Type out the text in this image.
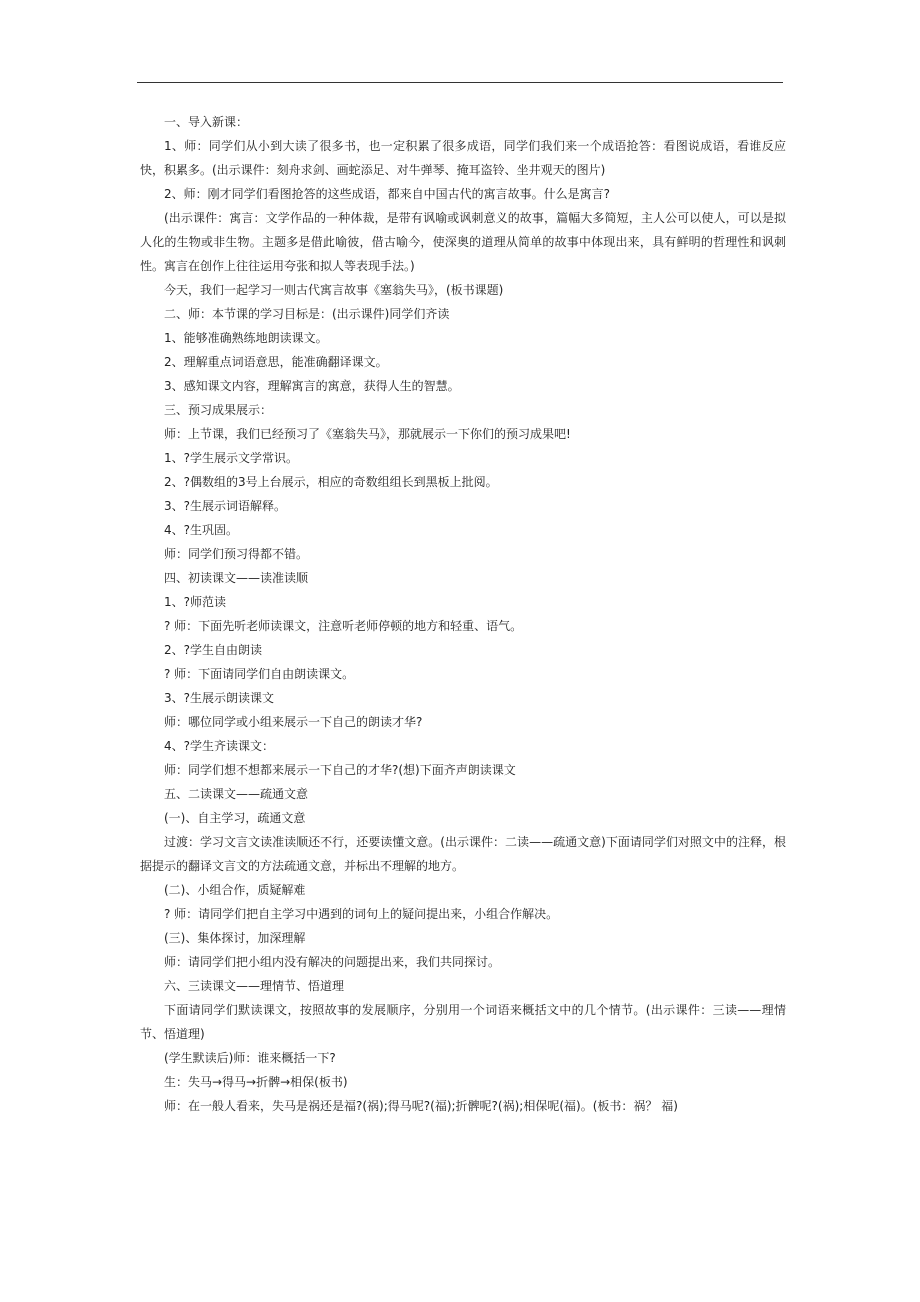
一、导入新课：

1、师：同学们从小到大读了很多书，也一定积累了很多成语，同学们我们来一个成语抢答：看图说成语，看谁反应快，积累多。(出示课件：刻舟求剑、画蛇添足、对牛弹琴、掩耳盗铃、坐井观天的图片)

2、师：刚才同学们看图抢答的这些成语，都来自中国古代的寓言故事。什么是寓言?

(出示课件：寓言：文学作品的一种体裁，是带有讽喻或讽刺意义的故事，篇幅大多简短，主人公可以使人，可以是拟人化的生物或非生物。主题多是借此喻彼，借古喻今，使深奥的道理从简单的故事中体现出来，具有鲜明的哲理性和讽刺性。寓言在创作上往往运用夸张和拟人等表现手法。)

今天，我们一起学习一则古代寓言故事《塞翁失马》，(板书课题)

二、师：本节课的学习目标是：(出示课件)同学们齐读

1、能够准确熟练地朗读课文。

2、理解重点词语意思，能准确翻译课文。

3、感知课文内容，理解寓言的寓意，获得人生的智慧。

三、预习成果展示：

师：上节课，我们已经预习了《塞翁失马》，那就展示一下你们的预习成果吧!

1、?学生展示文学常识。

2、?偶数组的3号上台展示，相应的奇数组组长到黑板上批阅。

3、?生展示词语解释。

4、?生巩固。

师：同学们预习得都不错。

四、初读课文——读准读顺

1、?师范读

? 师：下面先听老师读课文，注意听老师停顿的地方和轻重、语气。

2、?学生自由朗读

? 师：下面请同学们自由朗读课文。

3、?生展示朗读课文

师：哪位同学或小组来展示一下自己的朗读才华?

4、?学生齐读课文：

师：同学们想不想都来展示一下自己的才华?(想)下面齐声朗读课文

五、二读课文——疏通文意

(一)、自主学习，疏通文意

过渡：学习文言文读准读顺还不行，还要读懂文意。(出示课件：二读——疏通文意)下面请同学们对照文中的注释，根据提示的翻译文言文的方法疏通文意，并标出不理解的地方。

(二)、小组合作，质疑解难

? 师：请同学们把自主学习中遇到的词句上的疑问提出来，小组合作解决。

(三)、集体探讨，加深理解

师：请同学们把小组内没有解决的问题提出来，我们共同探讨。

六、三读课文——理情节、悟道理

下面请同学们默读课文，按照故事的发展顺序，分别用一个词语来概括文中的几个情节。(出示课件：三读——理情节、悟道理)

(学生默读后)师：谁来概括一下?

生：失马→得马→折髀→相保(板书)

师：在一般人看来，失马是祸还是福?(祸);得马呢?(福);折髀呢?(祸);相保呢(福)。(板书：祸？ 福)
